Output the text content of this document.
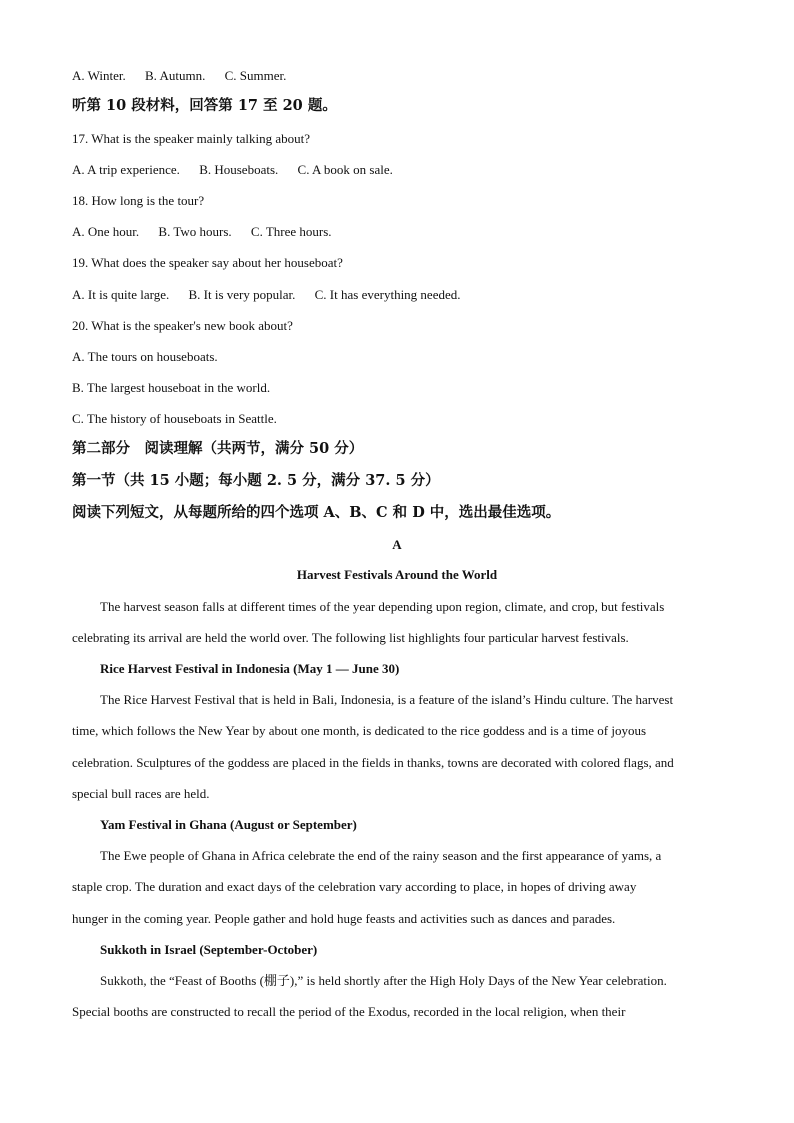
A. Winter. B. Autumn. C. Summer.
听第 10 段材料，回答第 17 至 20 题。
17. What is the speaker mainly talking about?
A. A trip experience. B. Houseboats. C. A book on sale.
18. How long is the tour?
A. One hour. B. Two hours. C. Three hours.
19. What does the speaker say about her houseboat?
A. It is quite large. B. It is very popular. C. It has everything needed.
20. What is the speaker's new book about?
A. The tours on houseboats.
B. The largest houseboat in the world.
C. The history of houseboats in Seattle.
第二部分　阅读理解（共两节，满分 50 分）
第一节（共 15 小题；每小题 2. 5 分，满分 37. 5 分）
阅读下列短文，从每题所给的四个选项 A、B、C 和 D 中，选出最佳选项。
A
Harvest Festivals Around the World
The harvest season falls at different times of the year depending upon region, climate, and crop, but festivals
celebrating its arrival are held the world over. The following list highlights four particular harvest festivals.
Rice Harvest Festival in Indonesia (May 1 — June 30)
The Rice Harvest Festival that is held in Bali, Indonesia, is a feature of the island’s Hindu culture. The harvest
time, which follows the New Year by about one month, is dedicated to the rice goddess and is a time of joyous
celebration. Sculptures of the goddess are placed in the fields in thanks, towns are decorated with colored flags, and
special bull races are held.
Yam Festival in Ghana (August or September)
The Ewe people of Ghana in Africa celebrate the end of the rainy season and the first appearance of yams, a
staple crop. The duration and exact days of the celebration vary according to place, in hopes of driving away
hunger in the coming year. People gather and hold huge feasts and activities such as dances and parades.
Sukkoth in Israel (September-October)
Sukkoth, the “Feast of Booths (棚子),” is held shortly after the High Holy Days of the New Year celebration.
Special booths are constructed to recall the period of the Exodus, recorded in the local religion, when their
